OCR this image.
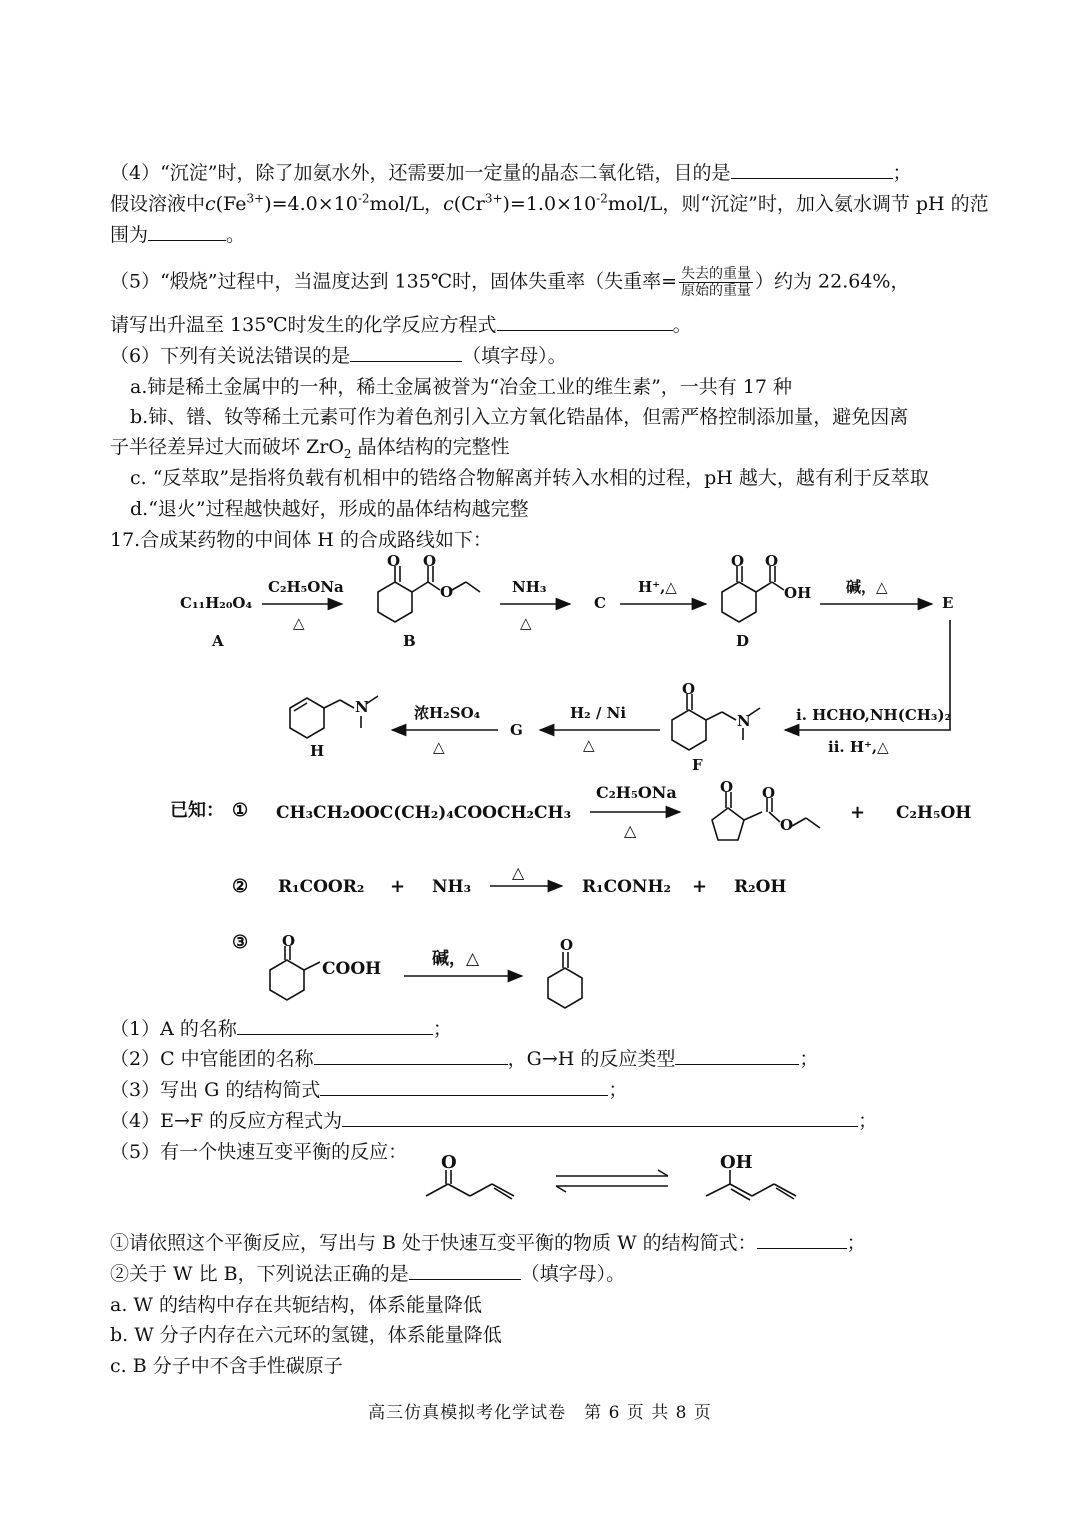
（4）“沉淀”时，除了加氨水外，还需要加一定量的晶态二氧化锆，目的是	；
假设溶液中$c(Fe^{3+})=4.0\times 10^{-2}mol/L$，$c(Cr^{3+})=1.0\times 10^{-2}mol/L$，则“沉淀”时，加入氨水调节 pH 的范
围为	。
（5）“煅烧”过程中，当温度达到 135℃时，固体失重率（失重率= $\frac{\text{失去的重量}}{\text{原始的重量}}$ ）约为 22.64%，
请写出升温至 135℃时发生的化学反应方程式	。
（6）下列有关说法错误的是	（填字母）。
a.铈是稀土金属中的一种，稀土金属被誉为“冶金工业的维生素”，一共有 17 种
b.铈、镨、钕等稀土元素可作为着色剂引入立方氧化锆晶体，但需严格控制添加量，避免因离
子半径差异过大而破坏 ZrO$_2$ 晶体结构的完整性
c. “反萃取”是指将负载有机相中的锆络合物解离并转入水相的过程，pH 越大，越有利于反萃取
d.“退火”过程越快越好，形成的晶体结构越完整
17.合成某药物的中间体 H 的合成路线如下：
C₁₁H₂₀O₄
A
C₂H₅ONa
△
O O
O
B
NH₃
△
C
H⁺,△
O O
OH
D
碱，△
E
i. HCHO,NH(CH₃)₂
ii. H⁺,△
O
N
F
H₂ / Ni
△
G
浓H₂SO₄
△
N
H
已知： ① CH₃CH₂OOC(CH₂)₄COOCH₂CH₃
C₂H₅ONa
△
O O
O
+ C₂H₅OH
② R₁COOR₂ + NH₃
△
R₁CONH₂ + R₂OH
③ O
COOH	碱，△
O
（1）A 的名称	；
（2）C 中官能团的名称	，G→H 的反应类型	；
（3）写出 G 的结构简式	；
（4）E→F 的反应方程式为	；
（5）有一个快速互变平衡的反应： O	OH
①请依照这个平衡反应，写出与 B 处于快速互变平衡的物质 W 的结构简式：	；
②关于 W 比 B，下列说法正确的是	（填字母）。
a. W 的结构中存在共轭结构，体系能量降低
b. W 分子内存在六元环的氢键，体系能量降低
c. B 分子中不含手性碳原子
高三仿真模拟考化学试卷　第 6 页 共 8 页
